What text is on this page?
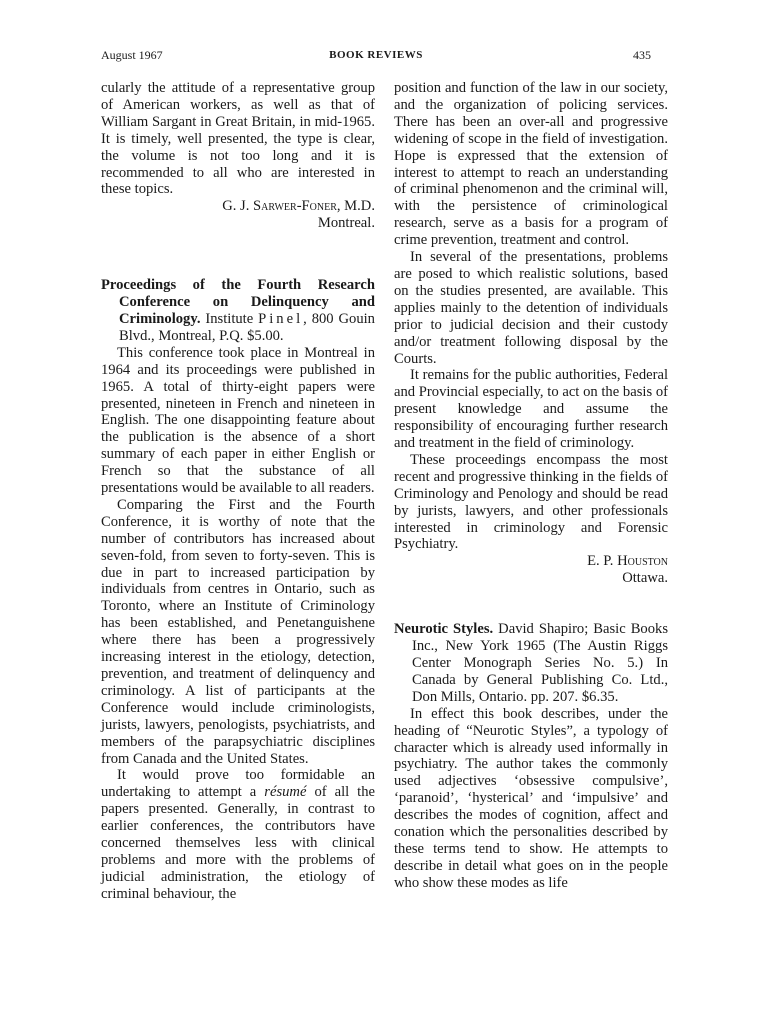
August 1967	BOOK REVIEWS	435

cularly the attitude of a representative group of American workers, as well as that of William Sargant in Great Britain, in mid-1965. It is timely, well presented, the type is clear, the volume is not too long and it is recommended to all who are interested in these topics.

G. J. Sarwer-Foner, M.D.

Montreal.

Proceedings of the Fourth Research Conference on Delinquency and Criminology. Institute Pinel, 800 Gouin Blvd., Montreal, P.Q. $5.00.

This conference took place in Montreal in 1964 and its proceedings were published in 1965. A total of thirty-eight papers were presented, nineteen in French and nineteen in English. The one disappointing feature about the publication is the absence of a short summary of each paper in either English or French so that the substance of all presentations would be available to all readers.

Comparing the First and the Fourth Conference, it is worthy of note that the number of contributors has increased about seven-fold, from seven to forty-seven. This is due in part to increased participation by individuals from centres in Ontario, such as Toronto, where an Institute of Criminology has been established, and Penetanguishene where there has been a progressively increasing interest in the etiology, detection, prevention, and treatment of delinquency and criminology. A list of participants at the Conference would include criminologists, jurists, lawyers, penologists, psychiatrists, and members of the parapsychiatric disciplines from Canada and the United States.

It would prove too formidable an undertaking to attempt a résumé of all the papers presented. Generally, in contrast to earlier conferences, the contributors have concerned themselves less with clinical problems and more with the problems of judicial administration, the etiology of criminal behaviour, the

position and function of the law in our society, and the organization of policing services. There has been an over-all and progressive widening of scope in the field of investigation. Hope is expressed that the extension of interest to attempt to reach an understanding of criminal phenomenon and the criminal will, with the persistence of criminological research, serve as a basis for a program of crime prevention, treatment and control.

In several of the presentations, problems are posed to which realistic solutions, based on the studies presented, are available. This applies mainly to the detention of individuals prior to judicial decision and their custody and/or treatment following disposal by the Courts.

It remains for the public authorities, Federal and Provincial especially, to act on the basis of present knowledge and assume the responsibility of encouraging further research and treatment in the field of criminology.

These proceedings encompass the most recent and progressive thinking in the fields of Criminology and Penology and should be read by jurists, lawyers, and other professionals interested in criminology and Forensic Psychiatry.

E. P. Houston

Ottawa.

Neurotic Styles. David Shapiro; Basic Books Inc., New York 1965 (The Austin Riggs Center Monograph Series No. 5.) In Canada by General Publishing Co. Ltd., Don Mills, Ontario. pp. 207. $6.35.

In effect this book describes, under the heading of “Neurotic Styles”, a typology of character which is already used informally in psychiatry. The author takes the commonly used adjectives ‘obsessive compulsive’, ‘paranoid’, ‘hysterical’ and ‘impulsive’ and describes the modes of cognition, affect and conation which the personalities described by these terms tend to show. He attempts to describe in detail what goes on in the people who show these modes as life
